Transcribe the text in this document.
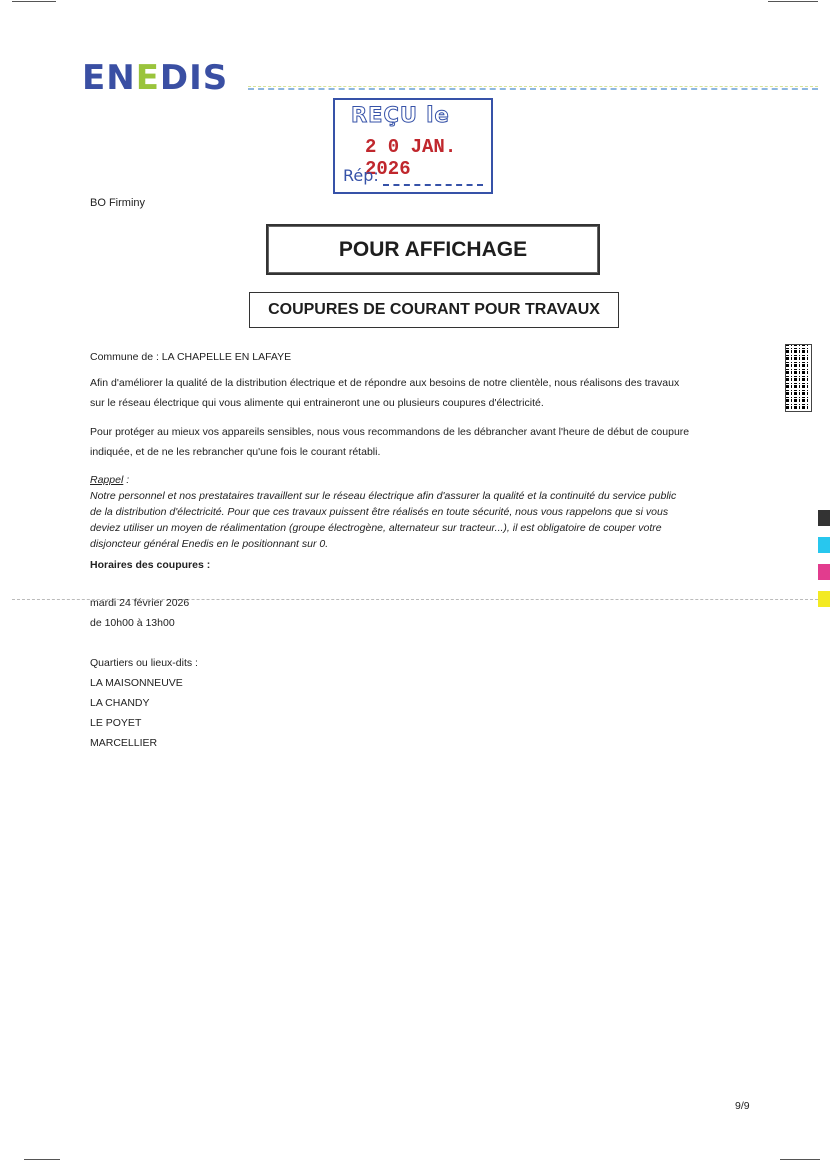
ENEDIS
REÇU le
2 0 JAN. 2026
Rép:
BO Firminy
POUR AFFICHAGE
COUPURES DE COURANT POUR TRAVAUX
Commune de : LA CHAPELLE EN LAFAYE
Afin d'améliorer la qualité de la distribution électrique et de répondre aux besoins de notre clientèle, nous réalisons des travaux
sur le réseau électrique qui vous alimente qui entraineront une ou plusieurs coupures d'électricité.
Pour protéger au mieux vos appareils sensibles, nous vous recommandons de les débrancher avant l'heure de début de coupure
indiquée, et de ne les rebrancher qu'une fois le courant rétabli.
Rappel :
Notre personnel et nos prestataires travaillent sur le réseau électrique afin d'assurer la qualité et la continuité du service public
de la distribution d'électricité. Pour que ces travaux puissent être réalisés en toute sécurité, nous vous rappelons que si vous
deviez utiliser un moyen de réalimentation (groupe électrogène, alternateur sur tracteur...), il est obligatoire de couper votre
disjoncteur général Enedis en le positionnant sur 0.
Horaires des coupures :
mardi 24 février 2026
de 10h00 à 13h00
Quartiers ou lieux-dits :
LA MAISONNEUVE
LA CHANDY
LE POYET
MARCELLIER
9/9
